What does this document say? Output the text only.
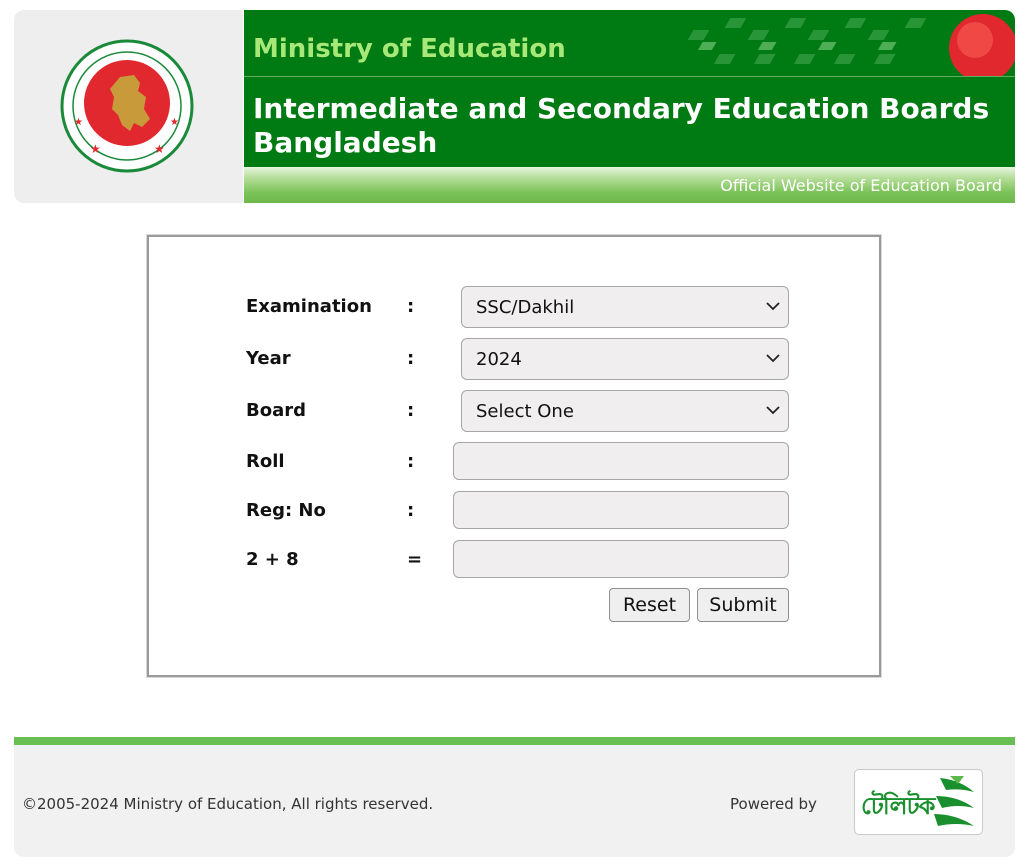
★	★
★	★
Ministry of Education
Intermediate and Secondary Education Boards Bangladesh
Official Website of Education Board
Examination :	SSC/Dakhil
Year	:	2024
Board	:	Select One
Roll	:
Reg: No	:
2 + 8	=
Reset	Submit
©2005-2024 Ministry of Education, All rights reserved.	Powered by টেলিটক
